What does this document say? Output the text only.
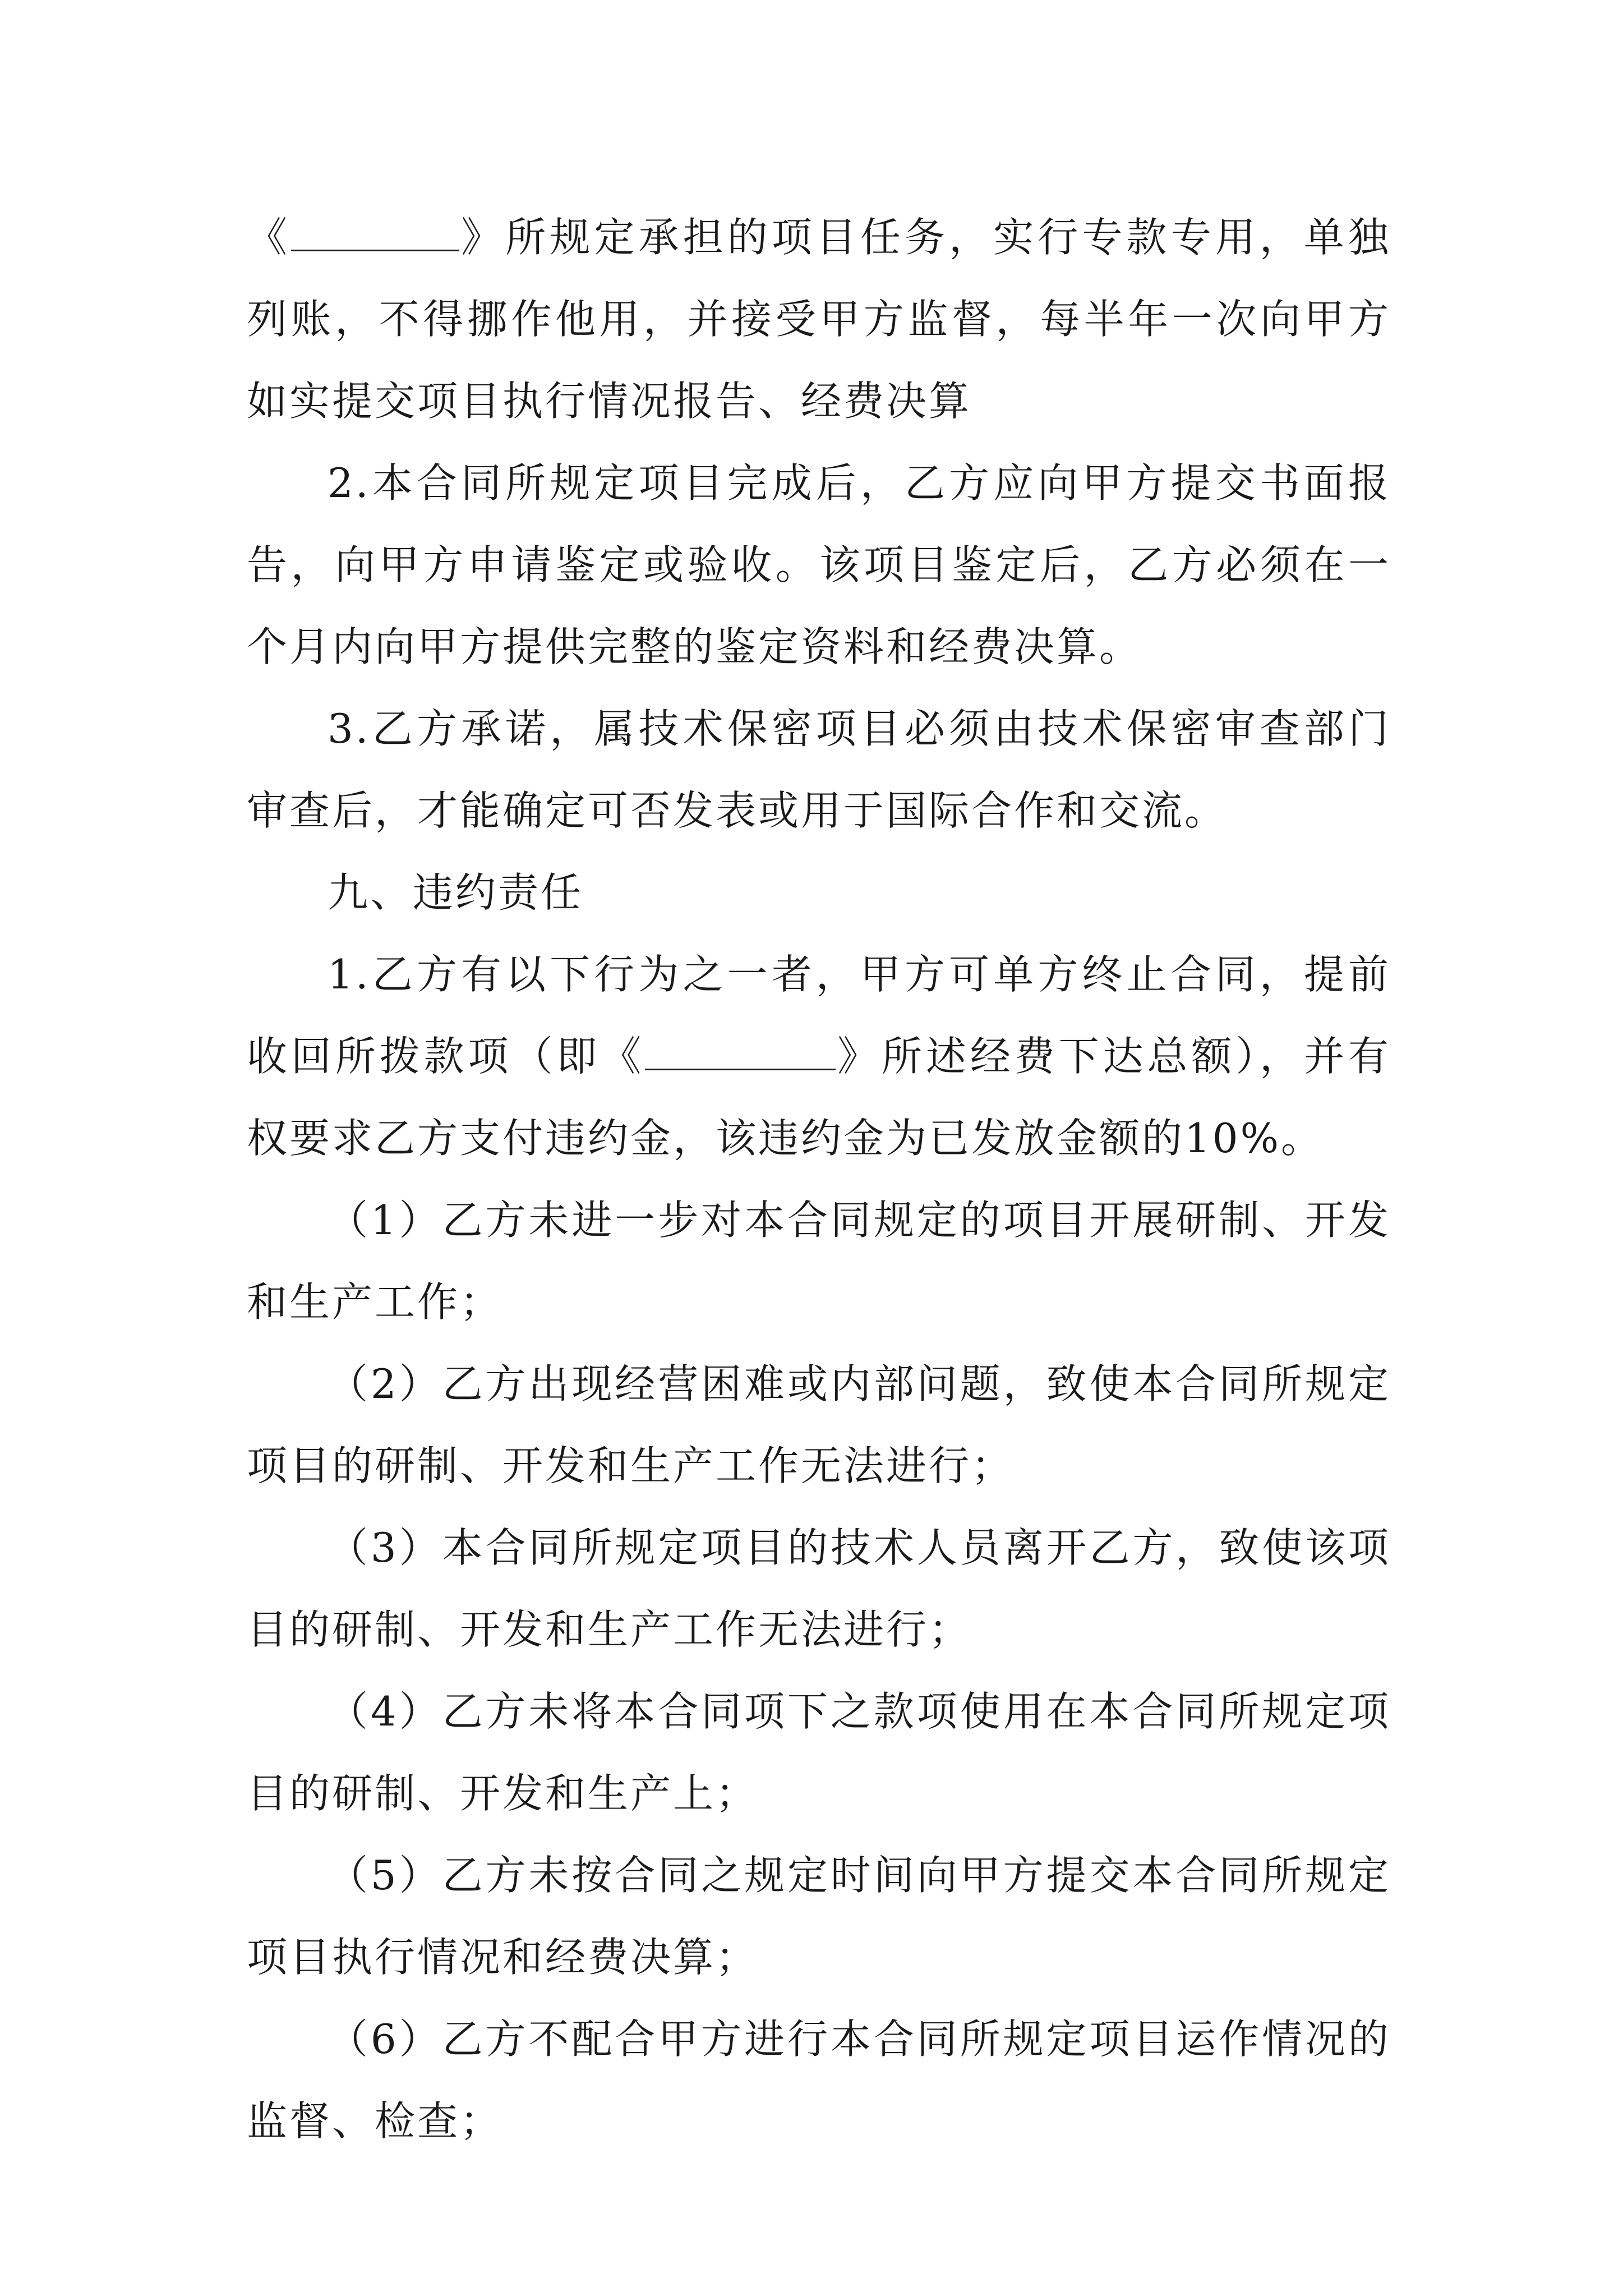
《	》所规定承担的项目任务，实行专款专用，单独列账，不得挪作他用，并接受甲方监督，每半年一次向甲方如实提交项目执行情况报告、经费决算

2.本合同所规定项目完成后，乙方应向甲方提交书面报告，向甲方申请鉴定或验收。该项目鉴定后，乙方必须在一个月内向甲方提供完整的鉴定资料和经费决算。

3.乙方承诺，属技术保密项目必须由技术保密审查部门审查后，才能确定可否发表或用于国际合作和交流。

九、违约责任

1.乙方有以下行为之一者，甲方可单方终止合同，提前收回所拨款项（即《	》所述经费下达总额），并有权要求乙方支付违约金，该违约金为已发放金额的10%。

（1）乙方未进一步对本合同规定的项目开展研制、开发和生产工作；

（2）乙方出现经营困难或内部问题，致使本合同所规定项目的研制、开发和生产工作无法进行；

（3）本合同所规定项目的技术人员离开乙方，致使该项目的研制、开发和生产工作无法进行；

（4）乙方未将本合同项下之款项使用在本合同所规定项目的研制、开发和生产上；

（5）乙方未按合同之规定时间向甲方提交本合同所规定项目执行情况和经费决算；

（6）乙方不配合甲方进行本合同所规定项目运作情况的监督、检查；
